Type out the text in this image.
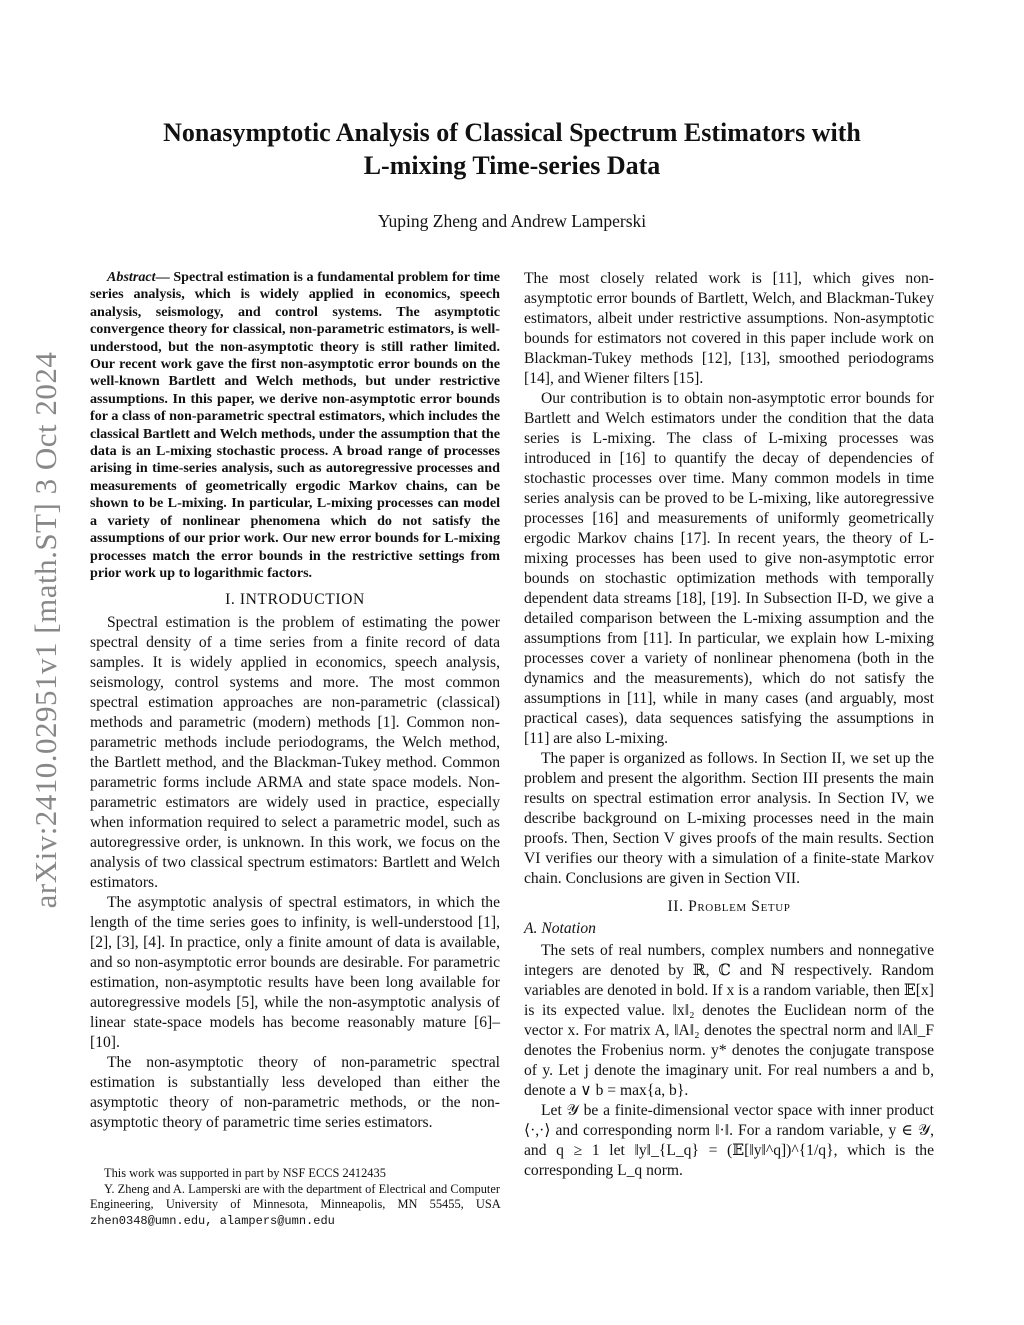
arXiv:2410.02951v1 [math.ST] 3 Oct 2024
Nonasymptotic Analysis of Classical Spectrum Estimators with
L-mixing Time-series Data
Yuping Zheng and Andrew Lamperski

Abstract— Spectral estimation is a fundamental problem for time series analysis, which is widely applied in economics, speech analysis, seismology, and control systems. The asymptotic convergence theory for classical, non-parametric estimators, is well-understood, but the non-asymptotic theory is still rather limited. Our recent work gave the first non-asymptotic error bounds on the well-known Bartlett and Welch methods, but under restrictive assumptions. In this paper, we derive non-asymptotic error bounds for a class of non-parametric spectral estimators, which includes the classical Bartlett and Welch methods, under the assumption that the data is an L-mixing stochastic process. A broad range of processes arising in time-series analysis, such as autoregressive processes and measurements of geometrically ergodic Markov chains, can be shown to be L-mixing. In particular, L-mixing processes can model a variety of nonlinear phenomena which do not satisfy the assumptions of our prior work. Our new error bounds for L-mixing processes match the error bounds in the restrictive settings from prior work up to logarithmic factors.

I. INTRODUCTION

Spectral estimation is the problem of estimating the power spectral density of a time series from a finite record of data samples. It is widely applied in economics, speech analysis, seismology, control systems and more. The most common spectral estimation approaches are non-parametric (classical) methods and parametric (modern) methods [1]. Common non-parametric methods include periodograms, the Welch method, the Bartlett method, and the Blackman-Tukey method. Common parametric forms include ARMA and state space models. Non-parametric estimators are widely used in practice, especially when information required to select a parametric model, such as autoregressive order, is unknown. In this work, we focus on the analysis of two classical spectrum estimators: Bartlett and Welch estimators.

The asymptotic analysis of spectral estimators, in which the length of the time series goes to infinity, is well-understood [1], [2], [3], [4]. In practice, only a finite amount of data is available, and so non-asymptotic error bounds are desirable. For parametric estimation, non-asymptotic results have been long available for autoregressive models [5], while the non-asymptotic analysis of linear state-space models has become reasonably mature [6]–[10].

The non-asymptotic theory of non-parametric spectral estimation is substantially less developed than either the asymptotic theory of non-parametric methods, or the non-asymptotic theory of parametric time series estimators.

This work was supported in part by NSF ECCS 2412435

Y. Zheng and A. Lamperski are with the department of Electrical and Computer Engineering, University of Minnesota, Minneapolis, MN 55455, USA zhen0348@umn.edu, alampers@umn.edu

The most closely related work is [11], which gives non-asymptotic error bounds of Bartlett, Welch, and Blackman-Tukey estimators, albeit under restrictive assumptions. Non-asymptotic bounds for estimators not covered in this paper include work on Blackman-Tukey methods [12], [13], smoothed periodograms [14], and Wiener filters [15].

Our contribution is to obtain non-asymptotic error bounds for Bartlett and Welch estimators under the condition that the data series is L-mixing. The class of L-mixing processes was introduced in [16] to quantify the decay of dependencies of stochastic processes over time. Many common models in time series analysis can be proved to be L-mixing, like autoregressive processes [16] and measurements of uniformly geometrically ergodic Markov chains [17]. In recent years, the theory of L-mixing processes has been used to give non-asymptotic error bounds on stochastic optimization methods with temporally dependent data streams [18], [19]. In Subsection II-D, we give a detailed comparison between the L-mixing assumption and the assumptions from [11]. In particular, we explain how L-mixing processes cover a variety of nonlinear phenomena (both in the dynamics and the measurements), which do not satisfy the assumptions in [11], while in many cases (and arguably, most practical cases), data sequences satisfying the assumptions in [11] are also L-mixing.

The paper is organized as follows. In Section II, we set up the problem and present the algorithm. Section III presents the main results on spectral estimation error analysis. In Section IV, we describe background on L-mixing processes need in the main proofs. Then, Section V gives proofs of the main results. Section VI verifies our theory with a simulation of a finite-state Markov chain. Conclusions are given in Section VII.

II. Problem Setup
A. Notation

The sets of real numbers, complex numbers and nonnegative integers are denoted by ℝ, ℂ and ℕ respectively. Random variables are denoted in bold. If x is a random variable, then 𝔼[x] is its expected value. ‖x‖₂ denotes the Euclidean norm of the vector x. For matrix A, ‖A‖₂ denotes the spectral norm and ‖A‖_F denotes the Frobenius norm. y* denotes the conjugate transpose of y. Let j denote the imaginary unit. For real numbers a and b, denote a ∨ b = max{a, b}.

Let 𝒴 be a finite-dimensional vector space with inner product ⟨·,·⟩ and corresponding norm ‖·‖. For a random variable, y ∈ 𝒴, and q ≥ 1 let ‖y‖_{L_q} = (𝔼[‖y‖^q])^{1/q}, which is the corresponding L_q norm.
